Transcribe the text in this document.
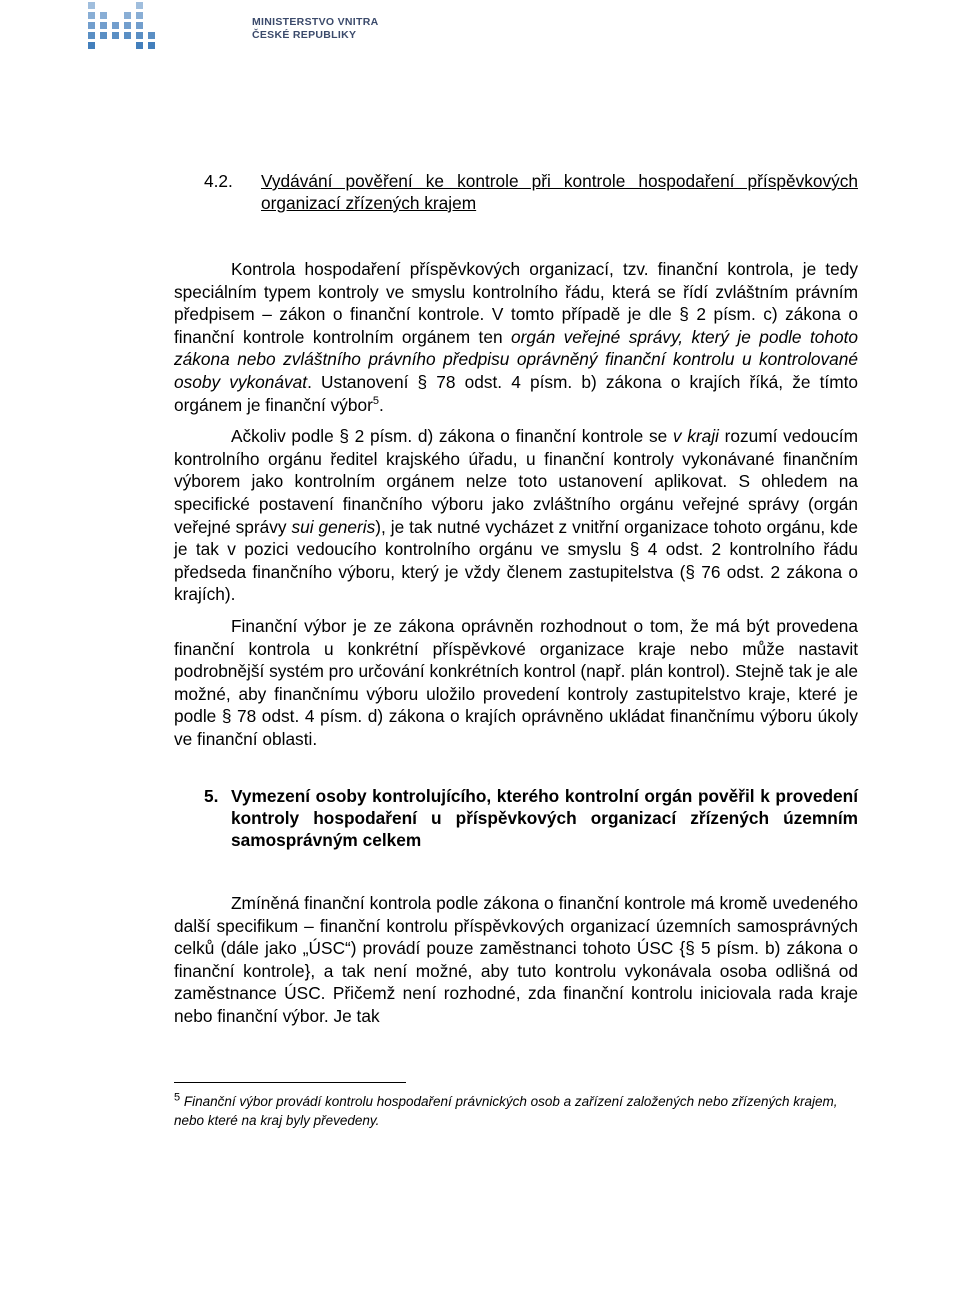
MINISTERSTVO VNITRA
ČESKÉ REPUBLIKY
4.2. Vydávání pověření ke kontrole při kontrole hospodaření příspěvkových organizací zřízených krajem

Kontrola hospodaření příspěvkových organizací, tzv. finanční kontrola, je tedy speciálním typem kontroly ve smyslu kontrolního řádu, která se řídí zvláštním právním předpisem – zákon o finanční kontrole. V tomto případě je dle § 2 písm. c) zákona o finanční kontrole kontrolním orgánem ten orgán veřejné správy, který je podle tohoto zákona nebo zvláštního právního předpisu oprávněný finanční kontrolu u kontrolované osoby vykonávat. Ustanovení § 78 odst. 4 písm. b) zákona o krajích říká, že tímto orgánem je finanční výbor$^5$.

Ačkoliv podle § 2 písm. d) zákona o finanční kontrole se v kraji rozumí vedoucím kontrolního orgánu ředitel krajského úřadu, u finanční kontroly vykonávané finančním výborem jako kontrolním orgánem nelze toto ustanovení aplikovat. S ohledem na specifické postavení finančního výboru jako zvláštního orgánu veřejné správy (orgán veřejné správy sui generis), je tak nutné vycházet z vnitřní organizace tohoto orgánu, kde je tak v pozici vedoucího kontrolního orgánu ve smyslu § 4 odst. 2 kontrolního řádu předseda finančního výboru, který je vždy členem zastupitelstva (§ 76 odst. 2 zákona o krajích).

Finanční výbor je ze zákona oprávněn rozhodnout o tom, že má být provedena finanční kontrola u konkrétní příspěvkové organizace kraje nebo může nastavit podrobnější systém pro určování konkrétních kontrol (např. plán kontrol). Stejně tak je ale možné, aby finančnímu výboru uložilo provedení kontroly zastupitelstvo kraje, které je podle § 78 odst. 4 písm. d) zákona o krajích oprávněno ukládat finančnímu výboru úkoly ve finanční oblasti.

5. Vymezení osoby kontrolujícího, kterého kontrolní orgán pověřil k provedení kontroly hospodaření u příspěvkových organizací zřízených územním samosprávným celkem

Zmíněná finanční kontrola podle zákona o finanční kontrole má kromě uvedeného další specifikum – finanční kontrolu příspěvkových organizací územních samosprávných celků (dále jako „ÚSC“) provádí pouze zaměstnanci tohoto ÚSC {§ 5 písm. b) zákona o finanční kontrole}, a tak není možné, aby tuto kontrolu vykonávala osoba odlišná od zaměstnance ÚSC. Přičemž není rozhodné, zda finanční kontrolu iniciovala rada kraje nebo finanční výbor. Je tak

$^5$ Finanční výbor provádí kontrolu hospodaření právnických osob a zařízení založených nebo zřízených krajem, nebo které na kraj byly převedeny.
